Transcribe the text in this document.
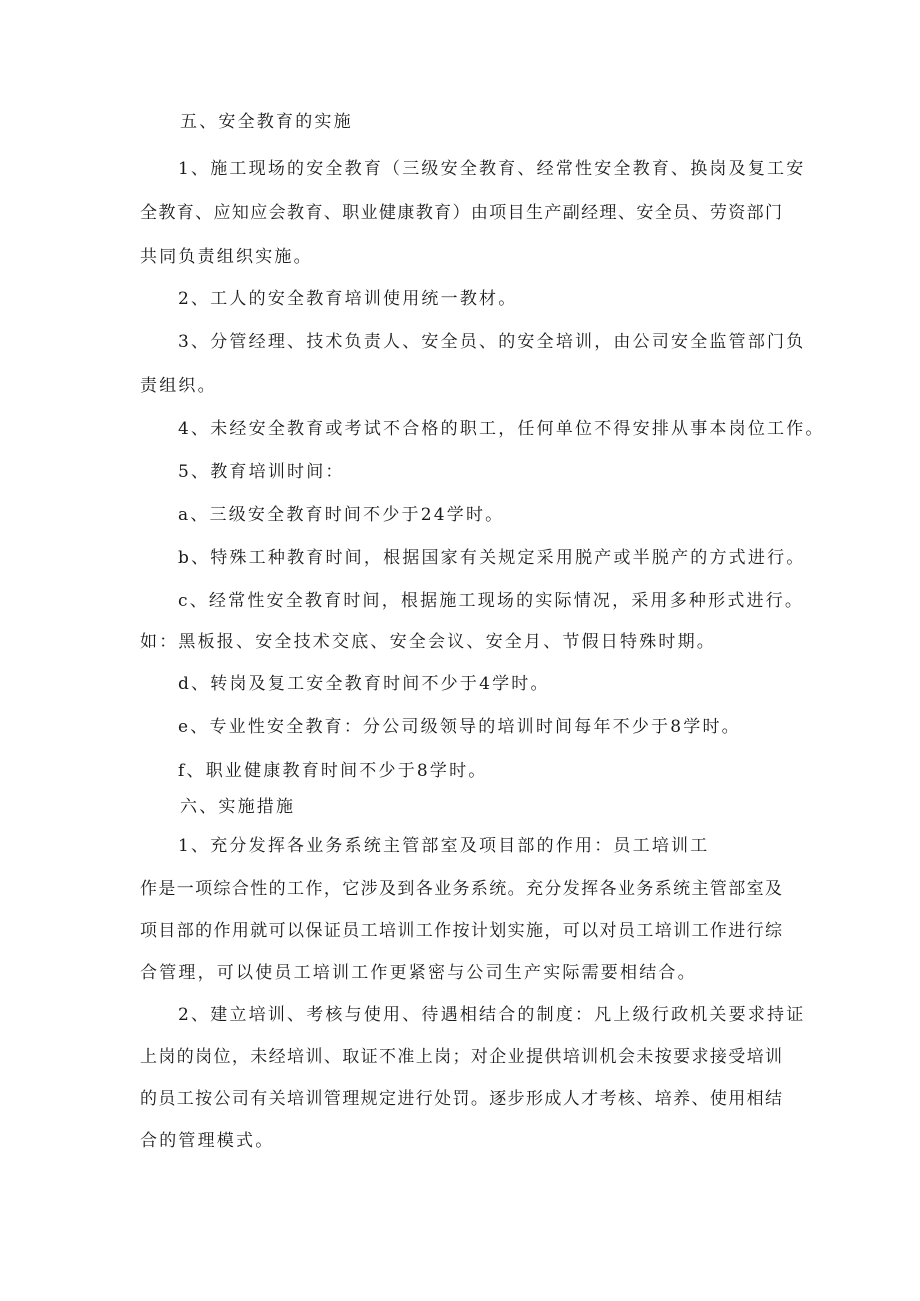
五、安全教育的实施
1、施工现场的安全教育（三级安全教育、经常性安全教育、换岗及复工安
全教育、应知应会教育、职业健康教育）由项目生产副经理、安全员、劳资部门
共同负责组织实施。
2、工人的安全教育培训使用统一教材。
3、分管经理、技术负责人、安全员、的安全培训，由公司安全监管部门负
责组织。
4、未经安全教育或考试不合格的职工，任何单位不得安排从事本岗位工作。
5、教育培训时间：
a、三级安全教育时间不少于24学时。
b、特殊工种教育时间，根据国家有关规定采用脱产或半脱产的方式进行。
c、经常性安全教育时间，根据施工现场的实际情况，采用多种形式进行。
如：黑板报、安全技术交底、安全会议、安全月、节假日特殊时期。
d、转岗及复工安全教育时间不少于4学时。
e、专业性安全教育：分公司级领导的培训时间每年不少于8学时。
f、职业健康教育时间不少于8学时。
六、实施措施
1、充分发挥各业务系统主管部室及项目部的作用：员工培训工
作是一项综合性的工作，它涉及到各业务系统。充分发挥各业务系统主管部室及
项目部的作用就可以保证员工培训工作按计划实施，可以对员工培训工作进行综
合管理，可以使员工培训工作更紧密与公司生产实际需要相结合。
2、建立培训、考核与使用、待遇相结合的制度：凡上级行政机关要求持证
上岗的岗位，未经培训、取证不准上岗；对企业提供培训机会未按要求接受培训
的员工按公司有关培训管理规定进行处罚。逐步形成人才考核、培养、使用相结
合的管理模式。
